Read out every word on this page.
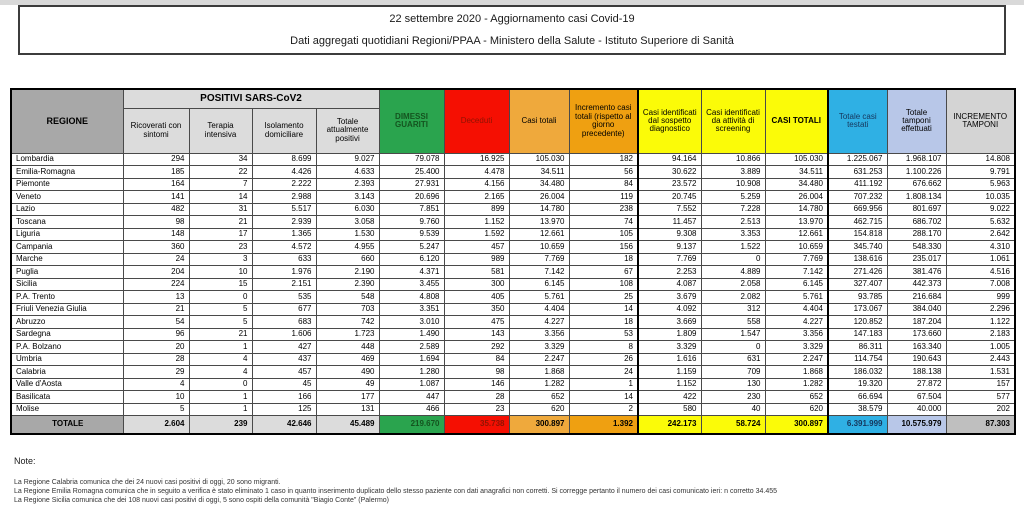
22 settembre 2020 - Aggiornamento casi Covid-19
Dati aggregati quotidiani Regioni/PPAA - Ministero della Salute - Istituto Superiore di Sanità
REGIONE	POSITIVI SARS-CoV2				DIMESSI GUARITI	Deceduti	Casi totali	Incremento casi totali (rispetto al giorno precedente)	Casi identificati dal sospetto diagnostico	Casi identificati da attività di screening	CASI TOTALI	Totale casi testati	Totale tamponi effettuati	INCREMENTO TAMPONI
	Ricoverati con sintomi	Terapia intensiva	Isolamento domiciliare	Totale attualmente positivi										
Lombardia	294	34	8.699	9.027	79.078	16.925	105.030	182	94.164	10.866	105.030	1.225.067	1.968.107	14.808
Emilia-Romagna	185	22	4.426	4.633	25.400	4.478	34.511	56	30.622	3.889	34.511	631.253	1.100.226	9.791
Piemonte	164	7	2.222	2.393	27.931	4.156	34.480	84	23.572	10.908	34.480	411.192	676.662	5.963
Veneto	141	14	2.988	3.143	20.696	2.165	26.004	119	20.745	5.259	26.004	707.232	1.808.134	10.035
Lazio	482	31	5.517	6.030	7.851	899	14.780	238	7.552	7.228	14.780	669.956	801.697	9.022
Toscana	98	21	2.939	3.058	9.760	1.152	13.970	74	11.457	2.513	13.970	462.715	686.702	5.632
Liguria	148	17	1.365	1.530	9.539	1.592	12.661	105	9.308	3.353	12.661	154.818	288.170	2.642
Campania	360	23	4.572	4.955	5.247	457	10.659	156	9.137	1.522	10.659	345.740	548.330	4.310
Marche	24	3	633	660	6.120	989	7.769	18	7.769	0	7.769	138.616	235.017	1.061
Puglia	204	10	1.976	2.190	4.371	581	7.142	67	2.253	4.889	7.142	271.426	381.476	4.516
Sicilia	224	15	2.151	2.390	3.455	300	6.145	108	4.087	2.058	6.145	327.407	442.373	7.008
P.A. Trento	13	0	535	548	4.808	405	5.761	25	3.679	2.082	5.761	93.785	216.684	999
Friuli Venezia Giulia	21	5	677	703	3.351	350	4.404	14	4.092	312	4.404	173.067	384.040	2.296
Abruzzo	54	5	683	742	3.010	475	4.227	18	3.669	558	4.227	120.852	187.204	1.122
Sardegna	96	21	1.606	1.723	1.490	143	3.356	53	1.809	1.547	3.356	147.183	173.660	2.183
P.A. Bolzano	20	1	427	448	2.589	292	3.329	8	3.329	0	3.329	86.311	163.340	1.005
Umbria	28	4	437	469	1.694	84	2.247	26	1.616	631	2.247	114.754	190.643	2.443
Calabria	29	4	457	490	1.280	98	1.868	24	1.159	709	1.868	186.032	188.138	1.531
Valle d'Aosta	4	0	45	49	1.087	146	1.282	1	1.152	130	1.282	19.320	27.872	157
Basilicata	10	1	166	177	447	28	652	14	422	230	652	66.694	67.504	577
Molise	5	1	125	131	466	23	620	2	580	40	620	38.579	40.000	202
TOTALE	2.604	239	42.646	45.489	219.670	35.738	300.897	1.392	242.173	58.724	300.897	6.391.999	10.575.979	87.303
Note:
La Regione Calabria comunica che dei 24 nuovi casi positivi di oggi, 20 sono migranti.
La Regione Emilia Romagna comunica che in seguito a verifica è stato eliminato 1 caso in quanto inserimento duplicato dello stesso paziente con dati anagrafici non corretti. Si corregge pertanto il numero dei casi comunicato ieri: n corretto 34.455
La Regione Sicilia comunica che dei 108 nuovi casi positivi di oggi, 5 sono ospiti della comunità "Biagio Conte" (Palermo)
